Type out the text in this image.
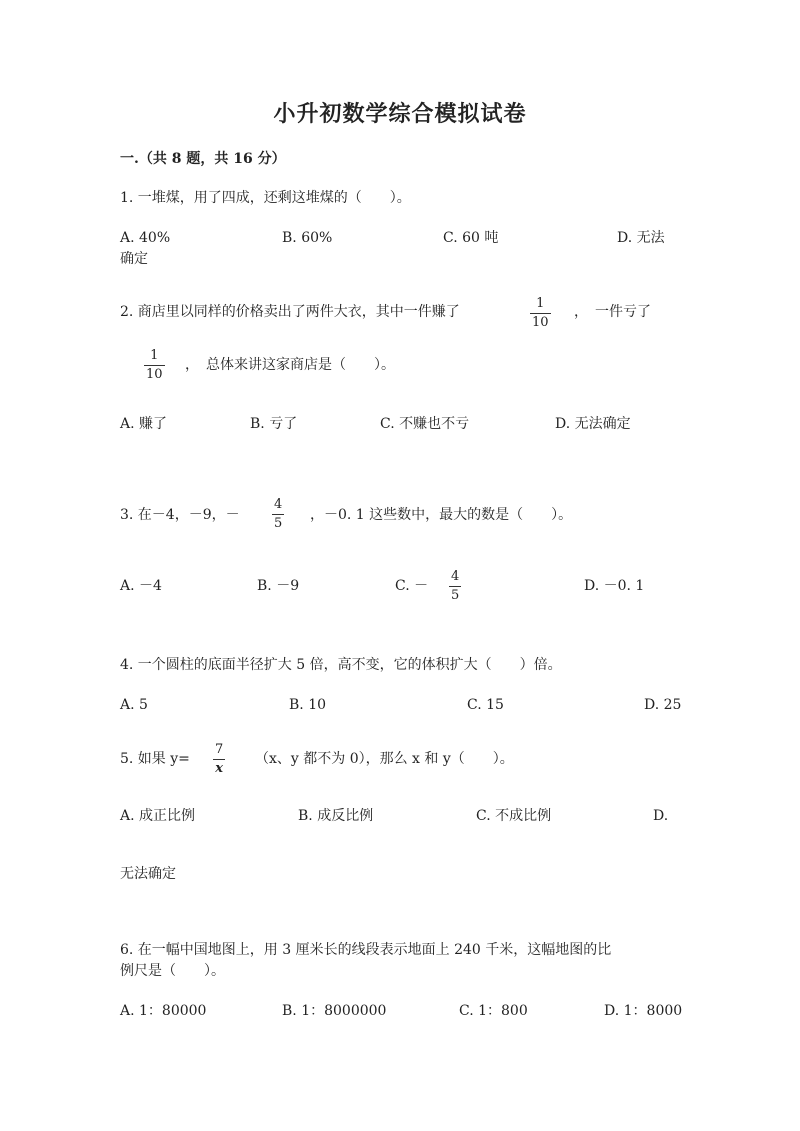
小升初数学综合模拟试卷
一.（共 8 题，共 16 分）
1. 一堆煤，用了四成，还剩这堆煤的（　　）。
A. 40%	B. 60%	C. 60 吨	D. 无法
确定
2. 商店里以同样的价格卖出了两件大衣，其中一件赚了
1
10
，　一件亏了
1
10
，　总体来讲这家商店是（　　）。
A. 赚了	B. 亏了	C. 不赚也不亏	D. 无法确定
3. 在－4，－9，－
4
5
，－0. 1 这些数中，最大的数是（　　）。
A. －4	B. －9	C. －
4
5
D. －0. 1
4. 一个圆柱的底面半径扩大 5 倍，高不变，它的体积扩大（　　）倍。
A. 5	B. 10	C. 15	D. 25
5. 如果 y=
7
x
（x、y 都不为 0），那么 x 和 y（　　）。
A. 成正比例	B. 成反比例	C. 不成比例	D.
无法确定
6. 在一幅中国地图上，用 3 厘米长的线段表示地面上 240 千米，这幅地图的比
例尺是（　　）。
A. 1：80000	B. 1：8000000	C. 1：800	D. 1：8000
